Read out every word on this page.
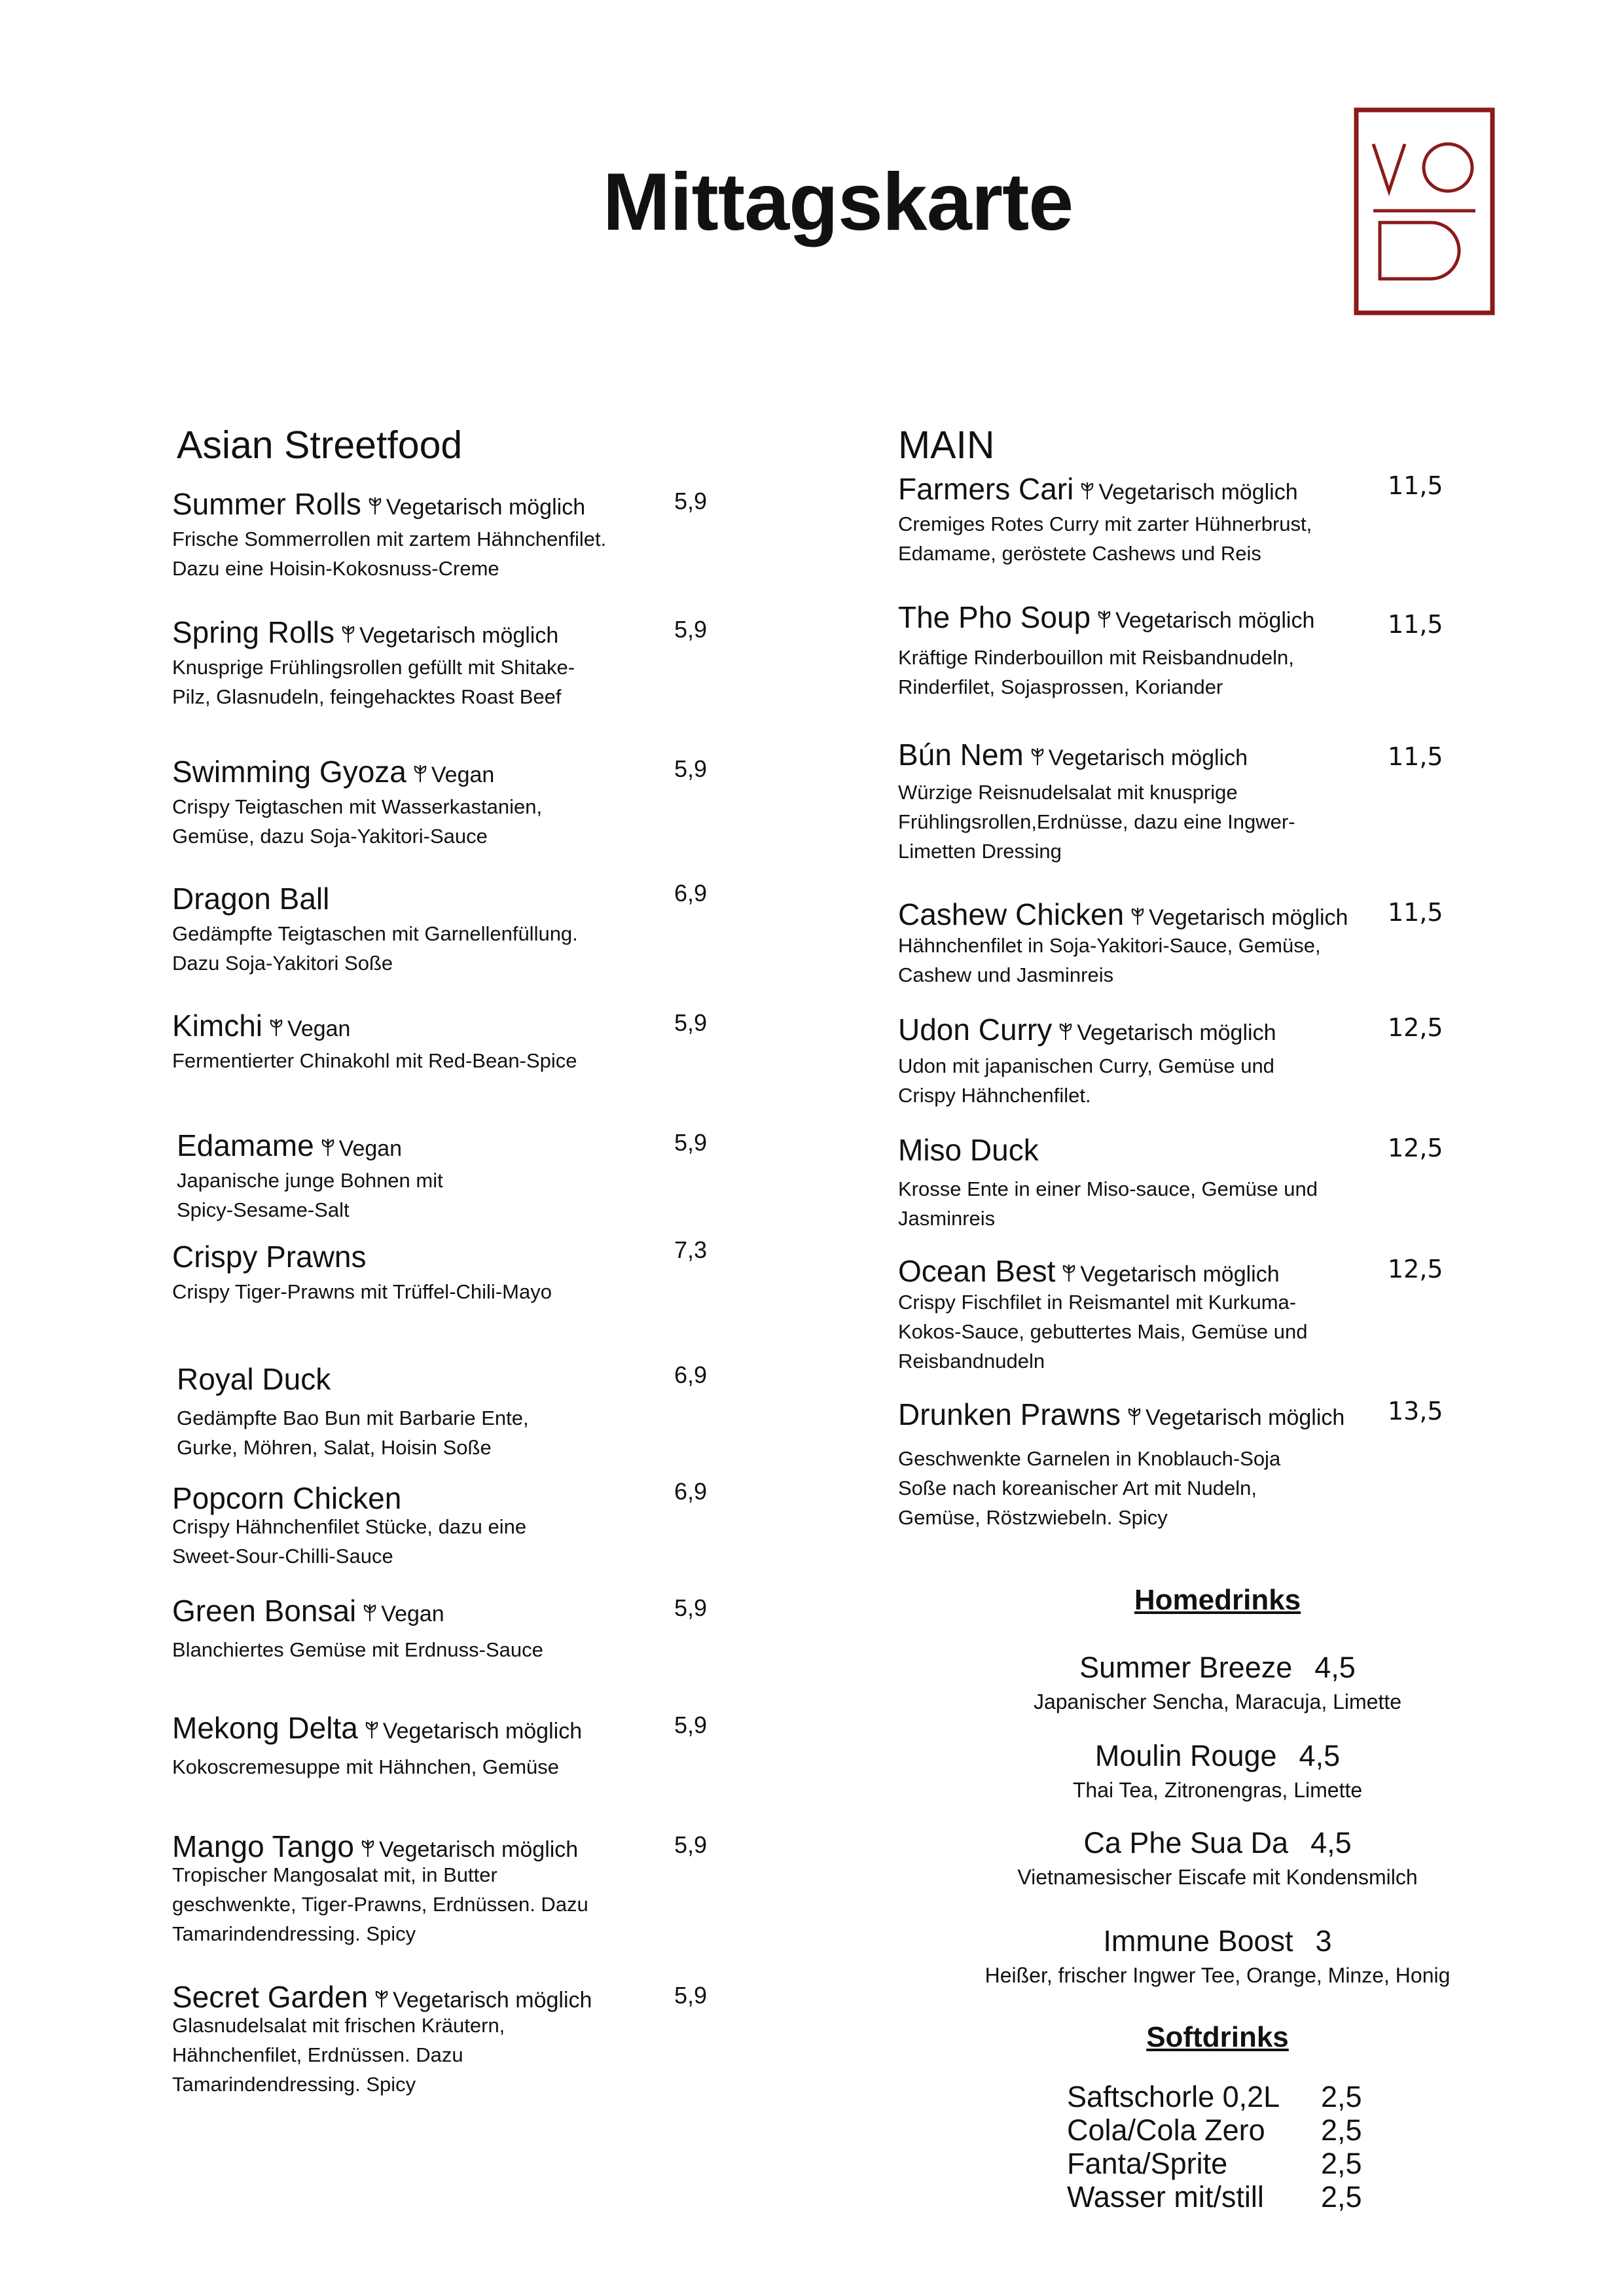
Mittagskarte
Asian Streetfood	MAIN
Summer Rolls Vegetarisch möglich
Frische Sommerrollen mit zartem Hähnchenfilet.
Dazu eine Hoisin-Kokosnuss-Creme
5,9
Spring Rolls Vegetarisch möglich
Knusprige Frühlingsrollen gefüllt mit Shitake-
Pilz, Glasnudeln, feingehacktes Roast Beef
5,9
Swimming Gyoza Vegan
Crispy Teigtaschen mit Wasserkastanien,
Gemüse, dazu Soja-Yakitori-Sauce
5,9
Dragon Ball
Gedämpfte Teigtaschen mit Garnellenfüllung.
Dazu Soja-Yakitori Soße
6,9
Kimchi Vegan
Fermentierter Chinakohl mit Red-Bean-Spice
5,9
Edamame Vegan
Japanische junge Bohnen mit
Spicy-Sesame-Salt
5,9
Crispy Prawns
Crispy Tiger-Prawns mit Trüffel-Chili-Mayo
7,3
Royal Duck
Gedämpfte Bao Bun mit Barbarie Ente,
Gurke, Möhren, Salat, Hoisin Soße
6,9
Popcorn Chicken
Crispy Hähnchenfilet Stücke, dazu eine
Sweet-Sour-Chilli-Sauce
6,9
Green Bonsai Vegan
Blanchiertes Gemüse mit Erdnuss-Sauce
5,9
Mekong Delta Vegetarisch möglich
Kokoscremesuppe mit Hähnchen, Gemüse
5,9
Mango Tango Vegetarisch möglich
Tropischer Mangosalat mit, in Butter
geschwenkte, Tiger-Prawns, Erdnüssen. Dazu
Tamarindendressing. Spicy
5,9
Secret Garden Vegetarisch möglich
Glasnudelsalat mit frischen Kräutern,
Hähnchenfilet, Erdnüssen. Dazu
Tamarindendressing. Spicy
5,9
Farmers Cari Vegetarisch möglich
Cremiges Rotes Curry mit zarter Hühnerbrust,
Edamame, geröstete Cashews und Reis
11,5
The Pho Soup Vegetarisch möglich
Kräftige Rinderbouillon mit Reisbandnudeln,
Rinderfilet, Sojasprossen, Koriander
11,5
Bún Nem Vegetarisch möglich
Würzige Reisnudelsalat mit knusprige
Frühlingsrollen,Erdnüsse, dazu eine Ingwer-
Limetten Dressing
11,5
Cashew Chicken Vegetarisch möglich
Hähnchenfilet in Soja-Yakitori-Sauce, Gemüse,
Cashew und Jasminreis
11,5
Udon Curry Vegetarisch möglich
Udon mit japanischen Curry, Gemüse und
Crispy Hähnchenfilet.
12,5
Miso Duck
Krosse Ente in einer Miso-sauce, Gemüse und
Jasminreis
12,5
Ocean Best Vegetarisch möglich
Crispy Fischfilet in Reismantel mit Kurkuma-
Kokos-Sauce, gebuttertes Mais, Gemüse und
Reisbandnudeln
12,5
Drunken Prawns Vegetarisch möglich
Geschwenkte Garnelen in Knoblauch-Soja
Soße nach koreanischer Art mit Nudeln,
Gemüse, Röstzwiebeln. Spicy
13,5
Homedrinks
Summer Breeze 4,5
Japanischer Sencha, Maracuja, Limette
Moulin Rouge 4,5
Thai Tea, Zitronengras, Limette
Ca Phe Sua Da 4,5
Vietnamesischer Eiscafe mit Kondensmilch
Immune Boost 3
Heißer, frischer Ingwer Tee, Orange, Minze, Honig
Softdrinks
Saftschorle 0,2L 2,5
Cola/Cola Zero 2,5
Fanta/Sprite	2,5
Wasser mit/still 2,5
